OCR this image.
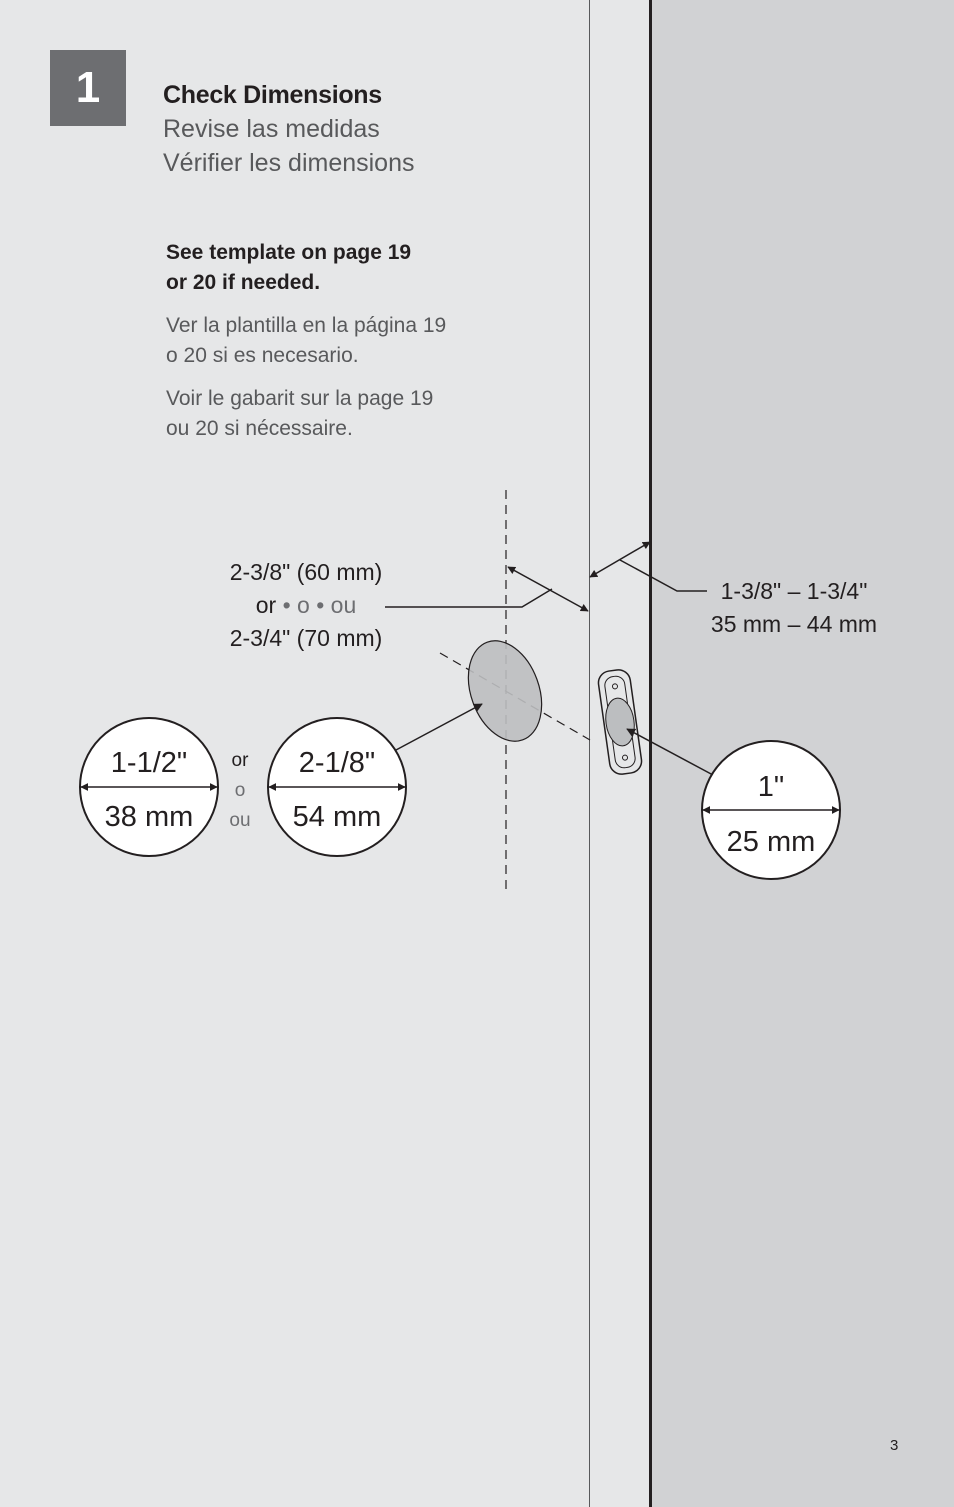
1	Check Dimensions
Revise las medidas
Vérifier les dimensions
See template on page 19
or 20 if needed.
Ver la plantilla en la página 19
o 20 si es necesario.
Voir le gabarit sur la page 19
ou 20 si nécessaire.
2-3/8" (60 mm)
or • o • ou
2-3/4" (70 mm)
1-3/8" – 1-3/4"
35 mm – 44 mm
1-1/2"
38 mm
or
o
ou
2-1/8"
54 mm
1"
25 mm
3
